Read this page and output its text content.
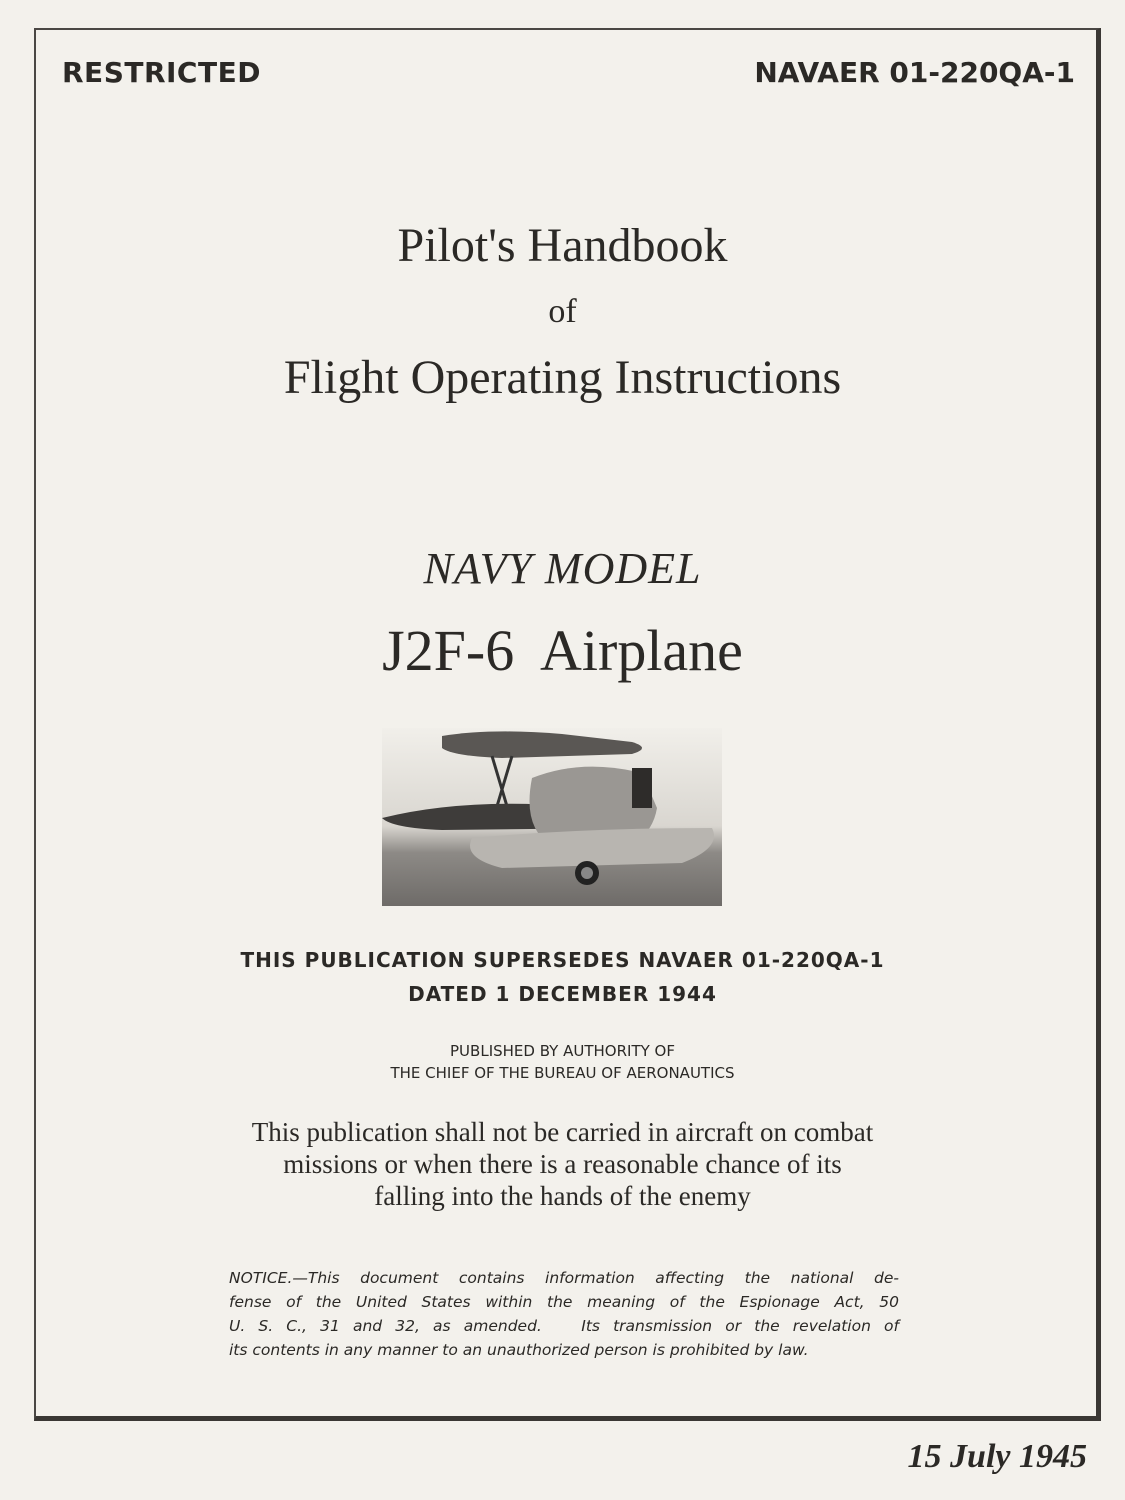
RESTRICTED	NAVAER 01-220QA-1
Pilot's Handbook
of
Flight Operating Instructions
NAVY MODEL
J2F-6  Airplane
THIS PUBLICATION SUPERSEDES NAVAER 01-220QA-1
DATED 1 DECEMBER 1944
PUBLISHED BY AUTHORITY OF
THE CHIEF OF THE BUREAU OF AERONAUTICS
This publication shall not be carried in aircraft on combat
missions or when there is a reasonable chance of its
falling into the hands of the enemy
NOTICE.—This document contains information affecting the national de-
fense of the United States within the meaning of the Espionage Act, 50
U. S. C., 31 and 32, as amended.   Its transmission or the revelation of
its contents in any manner to an unauthorized person is prohibited by law.
15 July 1945
